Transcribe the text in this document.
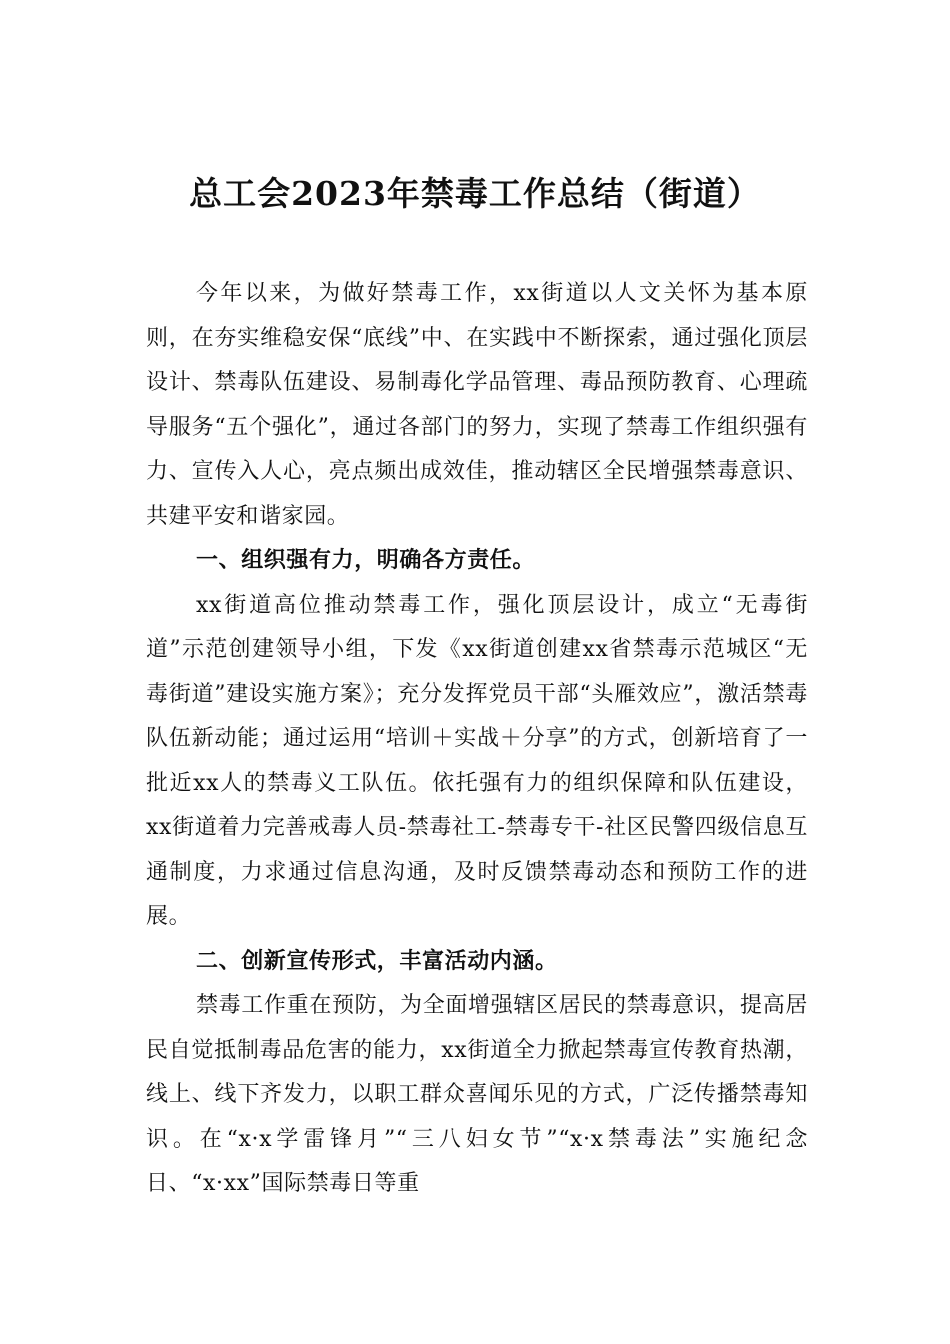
总工会2023年禁毒工作总结（街道）

今年以来，为做好禁毒工作，xx街道以人文关怀为基本原则，在夯实维稳安保“底线”中、在实践中不断探索，通过强化顶层设计、禁毒队伍建设、易制毒化学品管理、毒品预防教育、心理疏导服务“五个强化”，通过各部门的努力，实现了禁毒工作组织强有力、宣传入人心，亮点频出成效佳，推动辖区全民增强禁毒意识、共建平安和谐家园。

一、组织强有力，明确各方责任。

xx街道高位推动禁毒工作，强化顶层设计，成立“无毒街道”示范创建领导小组，下发《xx街道创建xx省禁毒示范城区“无毒街道”建设实施方案》；充分发挥党员干部“头雁效应”，激活禁毒队伍新动能；通过运用“培训＋实战＋分享”的方式，创新培育了一批近xx人的禁毒义工队伍。依托强有力的组织保障和队伍建设，xx街道着力完善戒毒人员-禁毒社工-禁毒专干-社区民警四级信息互通制度，力求通过信息沟通，及时反馈禁毒动态和预防工作的进展。

二、创新宣传形式，丰富活动内涵。

禁毒工作重在预防，为全面增强辖区居民的禁毒意识，提高居民自觉抵制毒品危害的能力，xx街道全力掀起禁毒宣传教育热潮，线上、线下齐发力，以职工群众喜闻乐见的方式，广泛传播禁毒知识。在“x·x学雷锋月”“三八妇女节”“x·x禁毒法”实施纪念日、“x·xx”国际禁毒日等重
